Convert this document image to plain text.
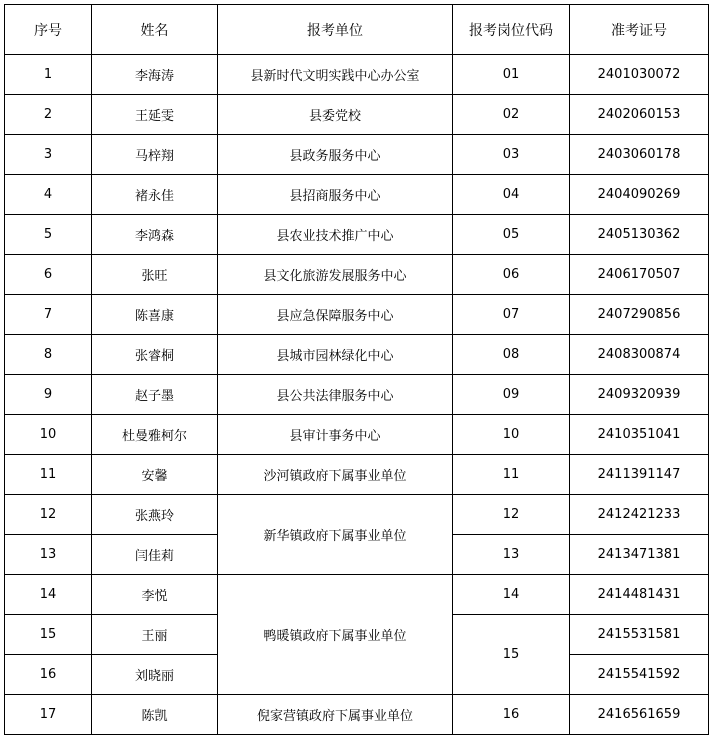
序号	姓名	报考单位	报考岗位代码	准考证号
1	李海涛	县新时代文明实践中心办公室	01	2401030072
2	王延雯	县委党校	02	2402060153
3	马梓翔	县政务服务中心	03	2403060178
4	褚永佳	县招商服务中心	04	2404090269
5	李鸿森	县农业技术推广中心	05	2405130362
6	张旺	县文化旅游发展服务中心	06	2406170507
7	陈喜康	县应急保障服务中心	07	2407290856
8	张睿桐	县城市园林绿化中心	08	2408300874
9	赵子墨	县公共法律服务中心	09	2409320939
10	杜曼雅柯尔	县审计事务中心	10	2410351041
11	安馨	沙河镇政府下属事业单位	11	2411391147
12	张燕玲	新华镇政府下属事业单位	12	2412421233
13	闫佳莉		13	2413471381
14	李悦	鸭暖镇政府下属事业单位	14	2414481431
15	王丽		15	2415531581
16	刘晓丽			2415541592
17	陈凯	倪家营镇政府下属事业单位	16	2416561659
